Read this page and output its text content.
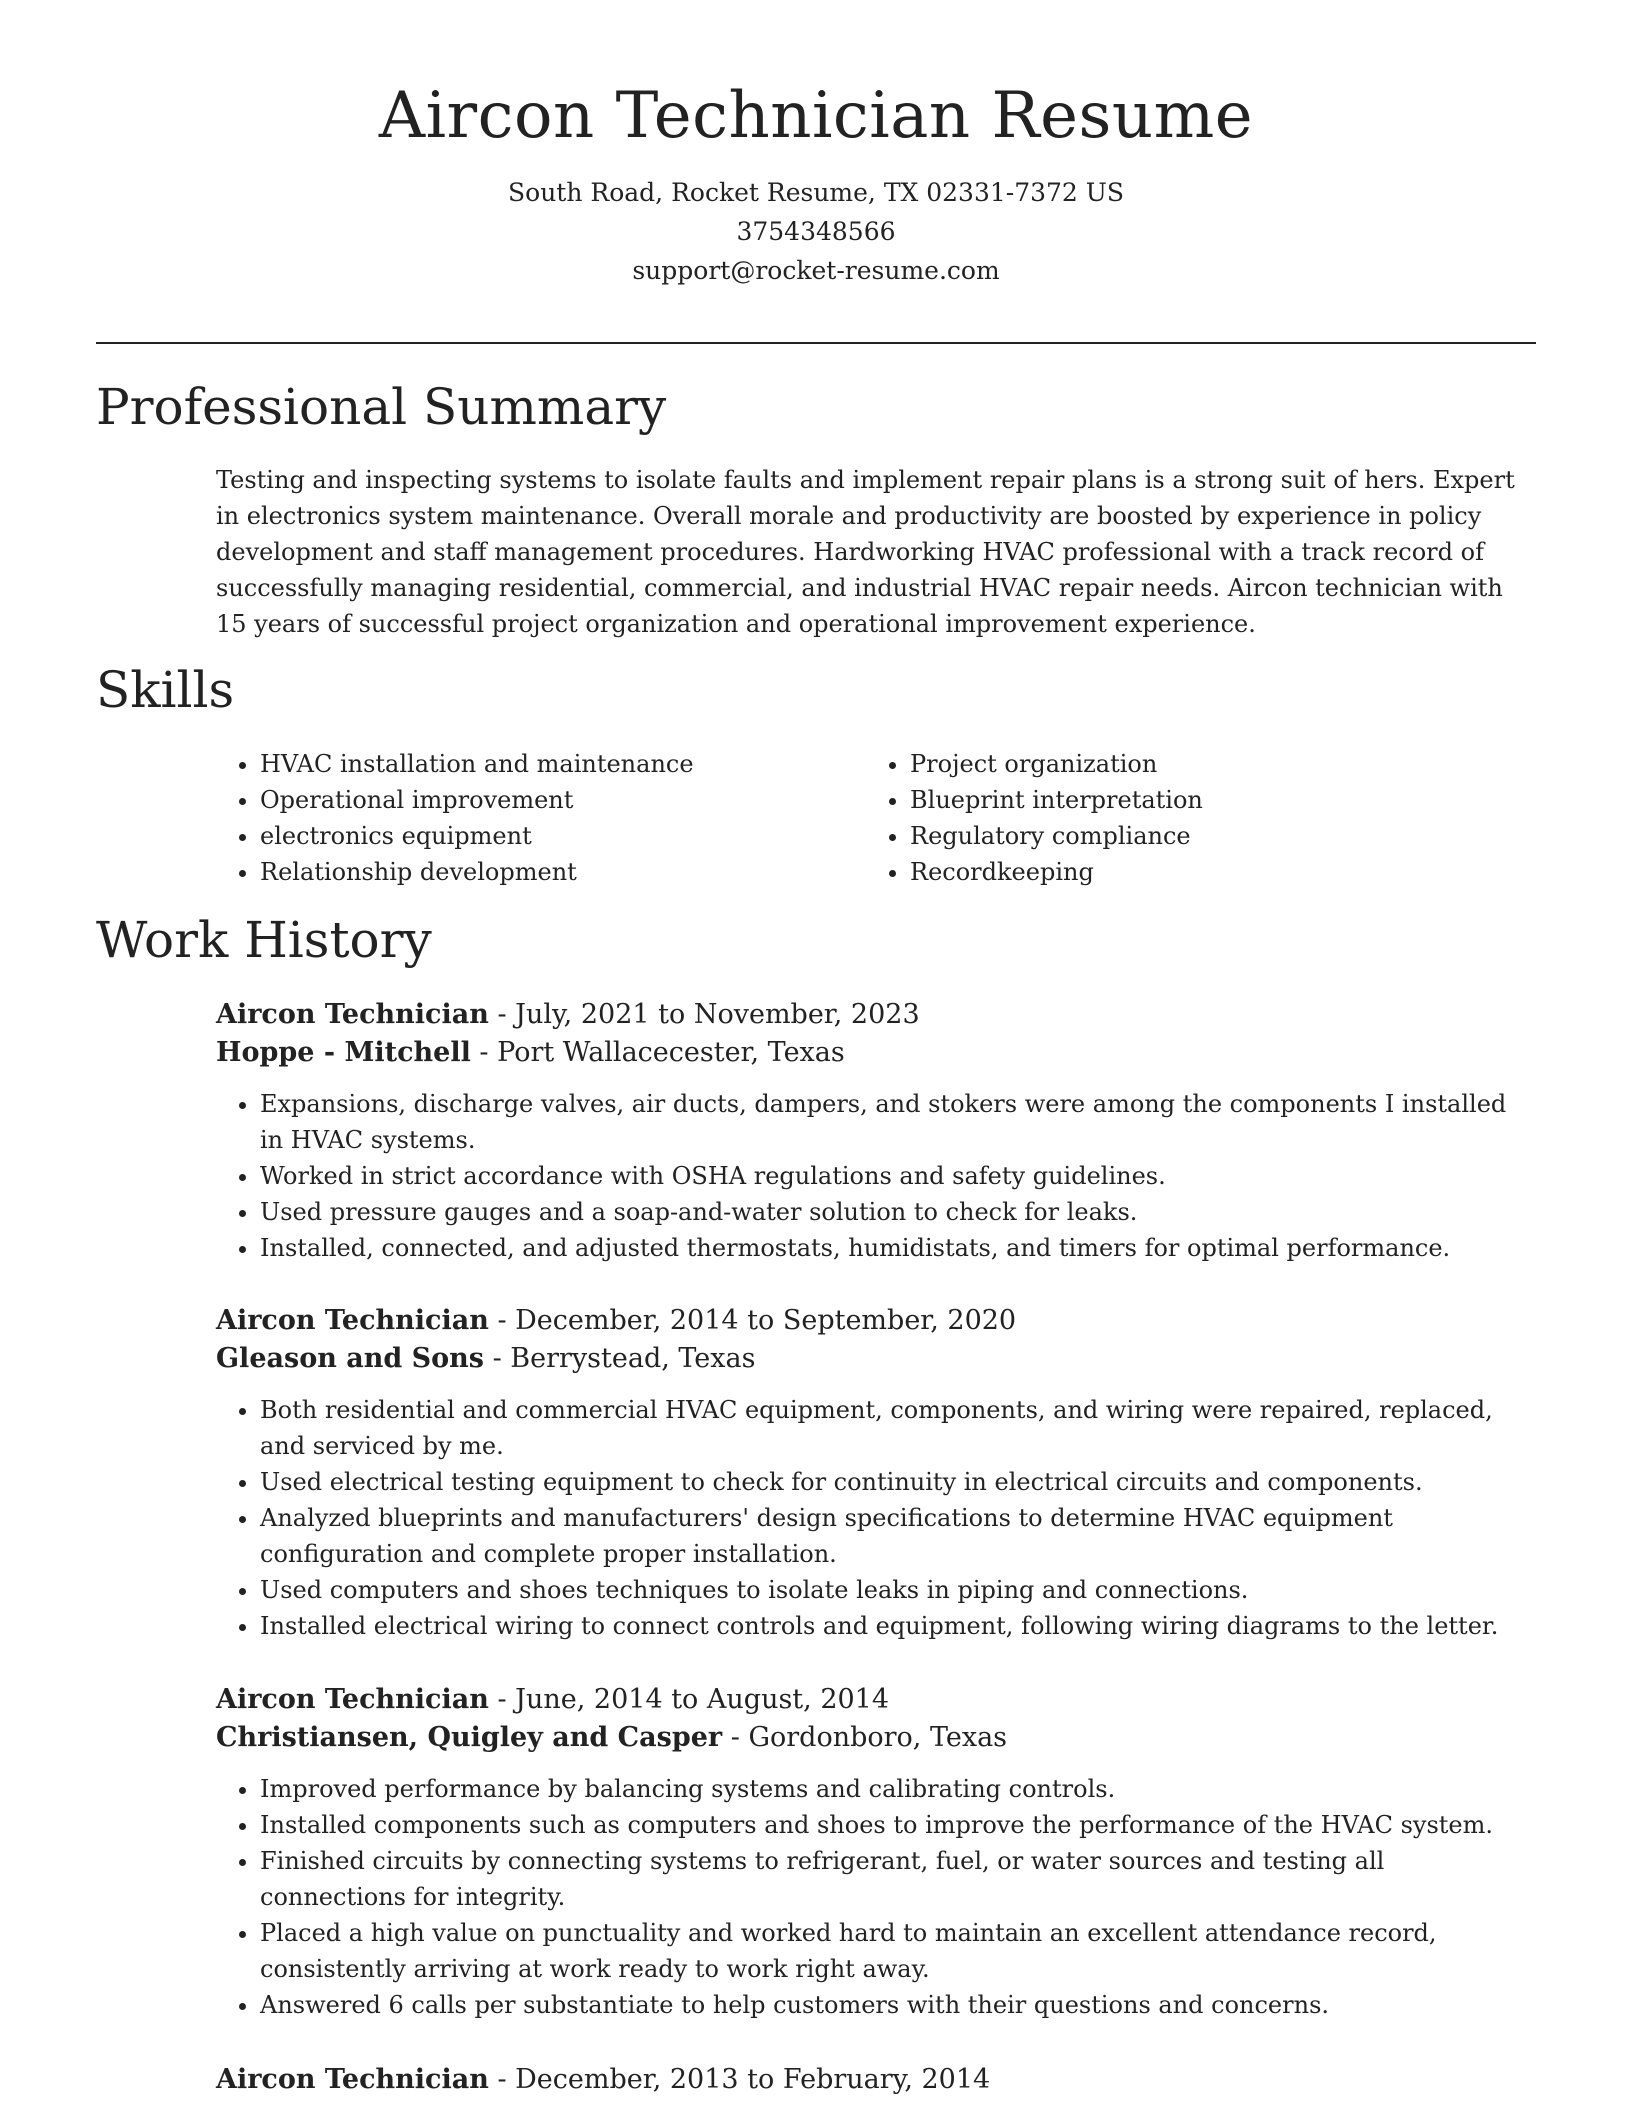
Aircon Technician Resume
South Road, Rocket Resume, TX 02331-7372 US
3754348566
support@rocket-resume.com
Professional Summary

Testing and inspecting systems to isolate faults and implement repair plans is a strong suit of hers. Expert in electronics system maintenance. Overall morale and productivity are boosted by experience in policy development and staff management procedures. Hardworking HVAC professional with a track record of successfully managing residential, commercial, and industrial HVAC repair needs. Aircon technician with 15 years of successful project organization and operational improvement experience.

Skills
• HVAC installation and maintenance
• Operational improvement
• electronics equipment
• Relationship development
• Project organization
• Blueprint interpretation
• Regulatory compliance
• Recordkeeping
Work History

Aircon Technician - July, 2021 to November, 2023

Hoppe - Mitchell - Port Wallacecester, Texas

• Expansions, discharge valves, air ducts, dampers, and stokers were among the components I installed in HVAC systems.
• Worked in strict accordance with OSHA regulations and safety guidelines.
• Used pressure gauges and a soap-and-water solution to check for leaks.
• Installed, connected, and adjusted thermostats, humidistats, and timers for optimal performance.

Aircon Technician - December, 2014 to September, 2020

Gleason and Sons - Berrystead, Texas

• Both residential and commercial HVAC equipment, components, and wiring were repaired, replaced, and serviced by me.
• Used electrical testing equipment to check for continuity in electrical circuits and components.
• Analyzed blueprints and manufacturers' design specifications to determine HVAC equipment configuration and complete proper installation.
• Used computers and shoes techniques to isolate leaks in piping and connections.
• Installed electrical wiring to connect controls and equipment, following wiring diagrams to the letter.

Aircon Technician - June, 2014 to August, 2014

Christiansen, Quigley and Casper - Gordonboro, Texas

• Improved performance by balancing systems and calibrating controls.
• Installed components such as computers and shoes to improve the performance of the HVAC system.
• Finished circuits by connecting systems to refrigerant, fuel, or water sources and testing all connections for integrity.
• Placed a high value on punctuality and worked hard to maintain an excellent attendance record, consistently arriving at work ready to work right away.
• Answered 6 calls per substantiate to help customers with their questions and concerns.

Aircon Technician - December, 2013 to February, 2014
